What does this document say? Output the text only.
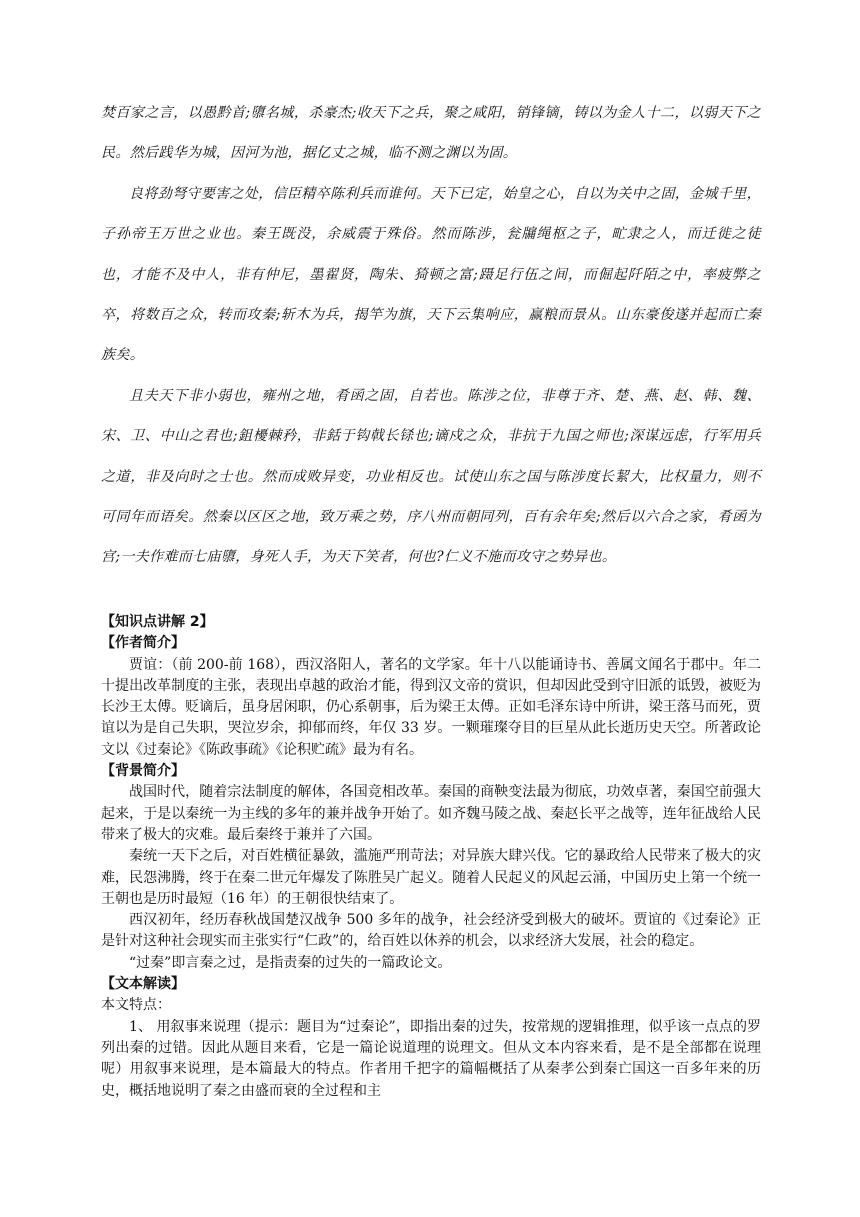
焚百家之言，以愚黔首;隳名城，杀豪杰;收天下之兵，聚之咸阳，销锋镝，铸以为金人十二，以弱天下之民。然后践华为城，因河为池，据亿丈之城，临不测之渊以为固。

良将劲弩守要害之处，信臣精卒陈利兵而谁何。天下已定，始皇之心，自以为关中之固，金城千里，子孙帝王万世之业也。秦王既没，余威震于殊俗。然而陈涉，瓮牖绳枢之子，甿隶之人，而迁徙之徒也，才能不及中人，非有仲尼，墨翟贤，陶朱、猗顿之富;蹑足行伍之间，而倔起阡陌之中，率疲弊之卒，将数百之众，转而攻秦;斩木为兵，揭竿为旗，天下云集响应，赢粮而景从。山东豪俊遂并起而亡秦族矣。

且夫天下非小弱也，雍州之地，肴函之固，自若也。陈涉之位，非尊于齐、楚、燕、赵、韩、魏、宋、卫、中山之君也;鉏櫌棘矜，非銛于钩戟长铩也;谪戍之众，非抗于九国之师也;深谋远虑，行军用兵之道，非及向时之士也。然而成败异变，功业相反也。试使山东之国与陈涉度长絜大，比权量力，则不可同年而语矣。然秦以区区之地，致万乘之势，序八州而朝同列，百有余年矣;然后以六合之家，肴函为宫;一夫作难而七庙隳，身死人手，为天下笑者，何也?仁义不施而攻守之势异也。

【知识点讲解 2】

【作者简介】

贾谊：（前 200-前 168），西汉洛阳人，著名的文学家。年十八以能诵诗书、善属文闻名于郡中。年二十提出改革制度的主张，表现出卓越的政治才能，得到汉文帝的赏识，但却因此受到守旧派的诋毁，被贬为长沙王太傅。贬谪后，虽身居闲职，仍心系朝事，后为梁王太傅。正如毛泽东诗中所讲，梁王落马而死，贾谊以为是自己失职，哭泣岁余，抑郁而终，年仅 33 岁。一颗璀璨夺目的巨星从此长逝历史天空。所著政论文以《过秦论》《陈政事疏》《论积贮疏》最为有名。

【背景简介】

战国时代，随着宗法制度的解体，各国竞相改革。秦国的商鞅变法最为彻底，功效卓著，秦国空前强大起来，于是以秦统一为主线的多年的兼并战争开始了。如齐魏马陵之战、秦赵长平之战等，连年征战给人民带来了极大的灾难。最后秦终于兼并了六国。

秦统一天下之后，对百姓横征暴敛，滥施严刑苛法；对异族大肆兴伐。它的暴政给人民带来了极大的灾难，民怨沸腾，终于在秦二世元年爆发了陈胜吴广起义。随着人民起义的风起云涌，中国历史上第一个统一王朝也是历时最短（16 年）的王朝很快结束了。

西汉初年，经历春秋战国楚汉战争 500 多年的战争，社会经济受到极大的破坏。贾谊的《过秦论》正是针对这种社会现实而主张实行“仁政”的，给百姓以休养的机会，以求经济大发展，社会的稳定。

“过秦”即言秦之过，是指责秦的过失的一篇政论文。

【文本解读】

本文特点：

1、 用叙事来说理（提示：题目为“过秦论”，即指出秦的过失，按常规的逻辑推理，似乎该一点点的罗列出秦的过错。因此从题目来看，它是一篇论说道理的说理文。但从文本内容来看，是不是全部都在说理呢）用叙事来说理，是本篇最大的特点。作者用千把字的篇幅概括了从秦孝公到秦亡国这一百多年来的历史，概括地说明了秦之由盛而衰的全过程和主
